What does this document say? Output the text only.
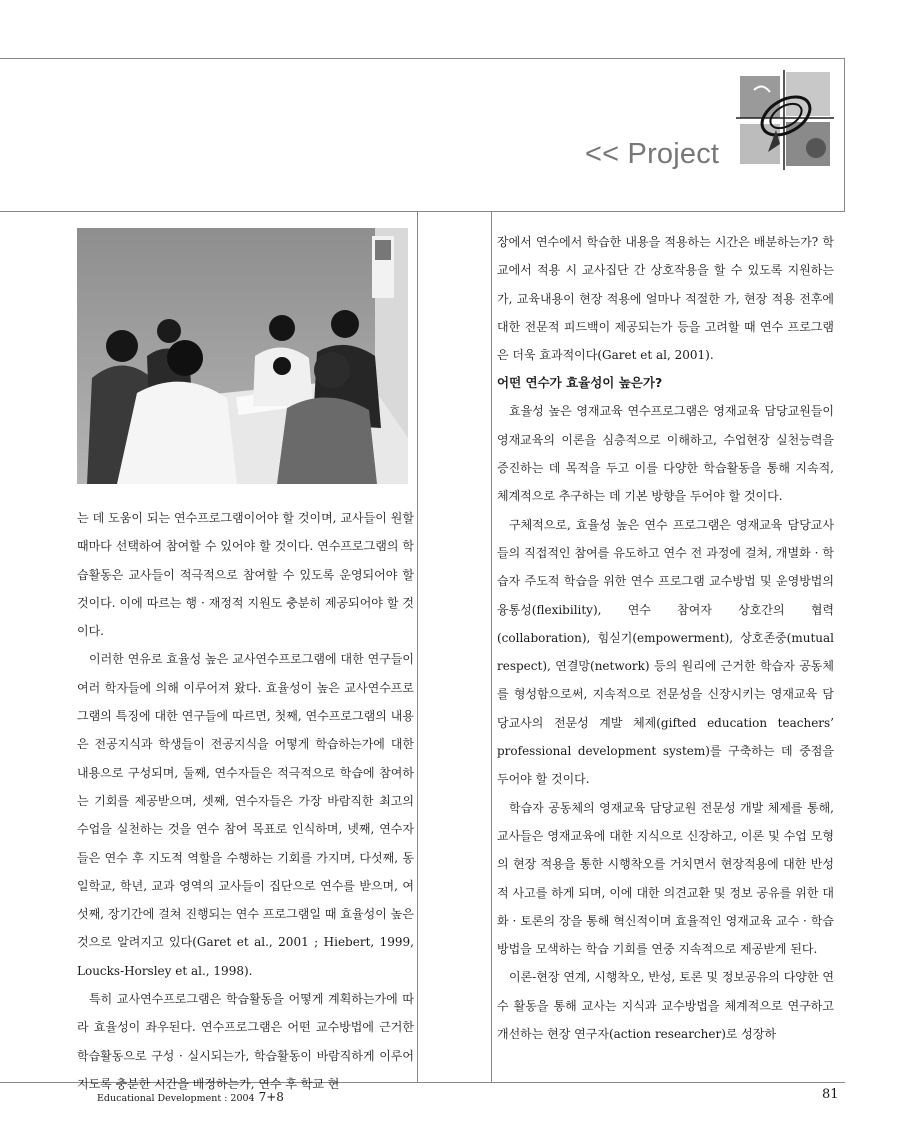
<< Project

는 데 도움이 되는 연수프로그램이어야 할 것이며, 교사들이 원할 때마다 선택하여 참여할 수 있어야 할 것이다. 연수프로그램의 학습활동은 교사들이 적극적으로 참여할 수 있도록 운영되어야 할 것이다. 이에 따르는 행 · 재정적 지원도 충분히 제공되어야 할 것이다.

이러한 연유로 효율성 높은 교사연수프로그램에 대한 연구들이 여러 학자들에 의해 이루어져 왔다. 효율성이 높은 교사연수프로그램의 특징에 대한 연구들에 따르면, 첫째, 연수프로그램의 내용은 전공지식과 학생들이 전공지식을 어떻게 학습하는가에 대한 내용으로 구성되며, 둘째, 연수자들은 적극적으로 학습에 참여하는 기회를 제공받으며, 셋째, 연수자들은 가장 바람직한 최고의 수업을 실천하는 것을 연수 참여 목표로 인식하며, 넷째, 연수자들은 연수 후 지도적 역할을 수행하는 기회를 가지며, 다섯째, 동일학교, 학년, 교과 영역의 교사들이 집단으로 연수를 받으며, 여섯째, 장기간에 걸쳐 진행되는 연수 프로그램일 때 효율성이 높은 것으로 알려지고 있다(Garet et al., 2001 ; Hiebert, 1999, Loucks-Horsley et al., 1998).

특히 교사연수프로그램은 학습활동을 어떻게 계획하는가에 따라 효율성이 좌우된다. 연수프로그램은 어떤 교수방법에 근거한 학습활동으로 구성 · 실시되는가, 학습활동이 바람직하게 이루어지도록 충분한 시간을 배정하는가, 연수 후 학교 현

장에서 연수에서 학습한 내용을 적용하는 시간은 배분하는가? 학교에서 적용 시 교사집단 간 상호작용을 할 수 있도록 지원하는 가, 교육내용이 현장 적용에 얼마나 적절한 가, 현장 적용 전후에 대한 전문적 피드백이 제공되는가 등을 고려할 때 연수 프로그램은 더욱 효과적이다(Garet et al, 2001).

어떤 연수가 효율성이 높은가?

효율성 높은 영재교육 연수프로그램은 영재교육 담당교원들이 영재교육의 이론을 심층적으로 이해하고, 수업현장 실천능력을 증진하는 데 목적을 두고 이를 다양한 학습활동을 통해 지속적, 체계적으로 추구하는 데 기본 방향을 두어야 할 것이다.

구체적으로, 효율성 높은 연수 프로그램은 영재교육 담당교사들의 직접적인 참여를 유도하고 연수 전 과정에 걸쳐, 개별화 · 학습자 주도적 학습을 위한 연수 프로그램 교수방법 및 운영방법의 융통성(flexibility), 연수 참여자 상호간의 협력(collaboration), 힘싣기(empowerment), 상호존중(mutual respect), 연결망(network) 등의 원리에 근거한 학습자 공동체를 형성함으로써, 지속적으로 전문성을 신장시키는 영재교육 담당교사의 전문성 계발 체제(gifted education teachers’ professional development system)를 구축하는 데 중점을 두어야 할 것이다.

학습자 공동체의 영재교육 담당교원 전문성 개발 체제를 통해, 교사들은 영재교육에 대한 지식으로 신장하고, 이론 및 수업 모형의 현장 적용을 통한 시행착오를 거치면서 현장적용에 대한 반성적 사고를 하게 되며, 이에 대한 의견교환 및 정보 공유를 위한 대화 · 토론의 장을 통해 혁신적이며 효율적인 영재교육 교수 · 학습방법을 모색하는 학습 기회를 연중 지속적으로 제공받게 된다.

이론-현장 연계, 시행착오, 반성, 토론 및 정보공유의 다양한 연수 활동을 통해 교사는 지식과 교수방법을 체계적으로 연구하고 개선하는 현장 연구자(action researcher)로 성장하

Educational Development : 2004 7+8	81
